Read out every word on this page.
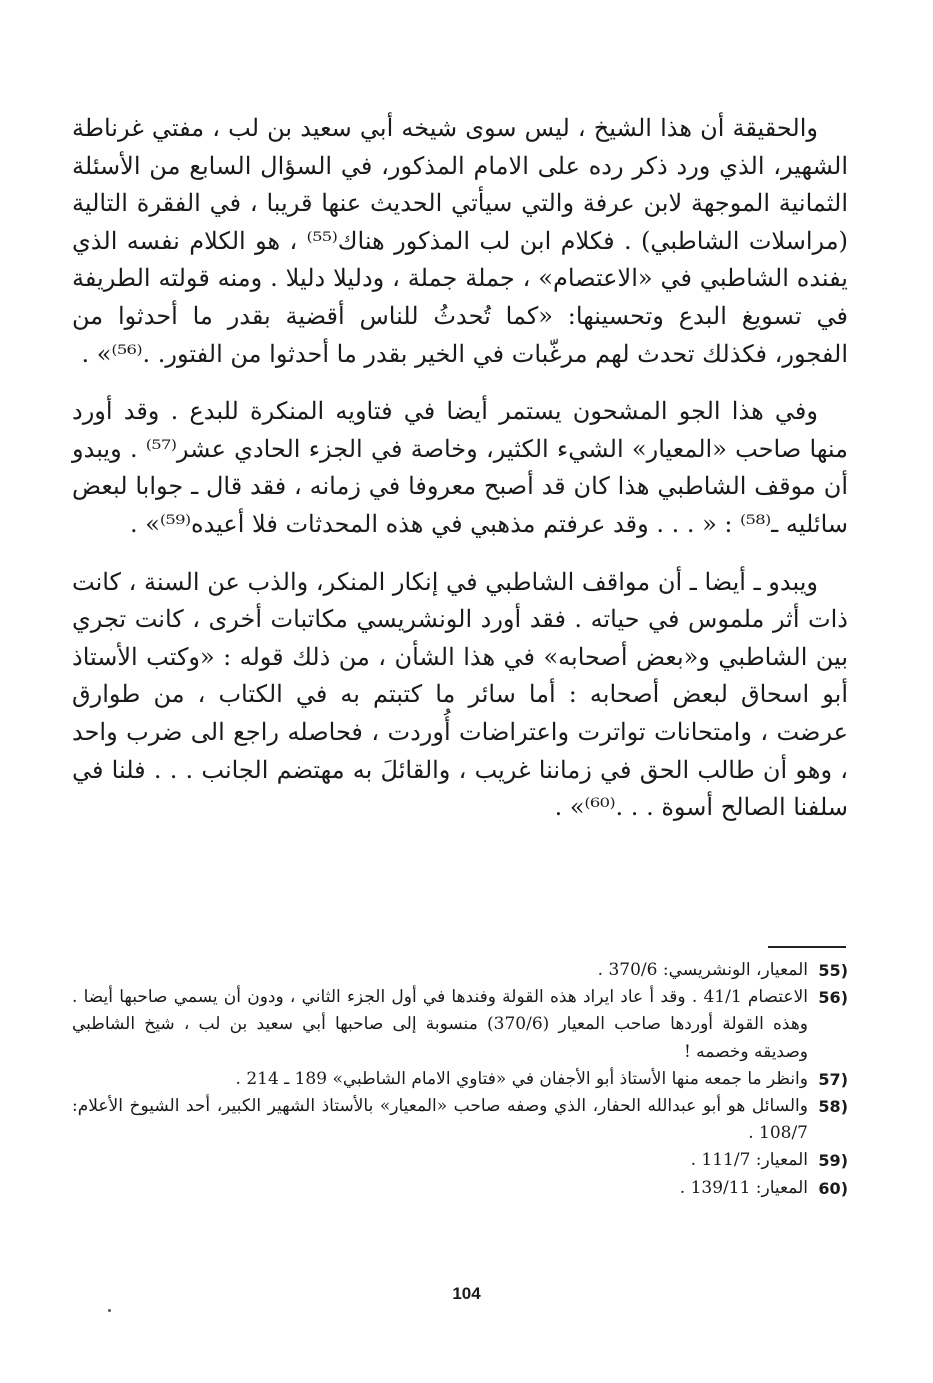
والحقيقة أن هذا الشيخ ، ليس سوى شيخه أبي سعيد بن لب ، مفتي غرناطة الشهير، الذي ورد ذكر رده على الامام المذكور، في السؤال السابع من الأسئلة الثمانية الموجهة لابن عرفة والتي سيأتي الحديث عنها قريبا ، في الفقرة التالية (مراسلات الشاطبي) . فكلام ابن لب المذكور هناك⁽⁵⁵⁾ ، هو الكلام نفسه الذي يفنده الشاطبي في «الاعتصام» ، جملة جملة ، ودليلا دليلا . ومنه قولته الطريفة في تسويغ البدع وتحسينها: «كما تُحدثُ للناس أقضية بقدر ما أحدثوا من الفجور، فكذلك تحدث لهم مرغّبات في الخير بقدر ما أحدثوا من الفتور. .⁽⁵⁶⁾» .

وفي هذا الجو المشحون يستمر أيضا في فتاويه المنكرة للبدع . وقد أورد منها صاحب «المعيار» الشيء الكثير، وخاصة في الجزء الحادي عشر⁽⁵⁷⁾ . ويبدو أن موقف الشاطبي هذا كان قد أصبح معروفا في زمانه ، فقد قال ـ جوابا لبعض سائليه ـ⁽⁵⁸⁾ : « . . . وقد عرفتم مذهبي في هذه المحدثات فلا أعيده⁽⁵⁹⁾» .

ويبدو ـ أيضا ـ أن مواقف الشاطبي في إنكار المنكر، والذب عن السنة ، كانت ذات أثر ملموس في حياته . فقد أورد الونشريسي مكاتبات أخرى ، كانت تجري بين الشاطبي و«بعض أصحابه» في هذا الشأن ، من ذلك قوله : «وكتب الأستاذ أبو اسحاق لبعض أصحابه : أما سائر ما كتبتم به في الكتاب ، من طوارق عرضت ، وامتحانات تواترت واعتراضات أُوردت ، فحاصله راجع الى ضرب واحد ، وهو أن طالب الحق في زماننا غريب ، والقائلَ به مهتضم الجانب . . . فلنا في سلفنا الصالح أسوة . . .⁽⁶⁰⁾» .

55)
المعيار، الونشريسي: 370/6 .
56)
الاعتصام 41/1 . وقد أ عاد ايراد هذه القولة وفندها في أول الجزء الثاني ، ودون أن يسمي صاحبها أيضا . وهذه القولة أوردها صاحب المعيار (370/6) منسوبة إلى صاحبها أبي سعيد بن لب ، شيخ الشاطبي وصديقه وخصمه !
57)
وانظر ما جمعه منها الأستاذ أبو الأجفان في «فتاوي الامام الشاطبي» 189 ـ 214 .
58)
والسائل هو أبو عبدالله الحفار، الذي وصفه صاحب «المعيار» بالأستاذ الشهير الكبير، أحد الشيوخ الأعلام: 108/7 .
59)
المعيار: 111/7 .
60)
المعيار: 139/11 .
104
